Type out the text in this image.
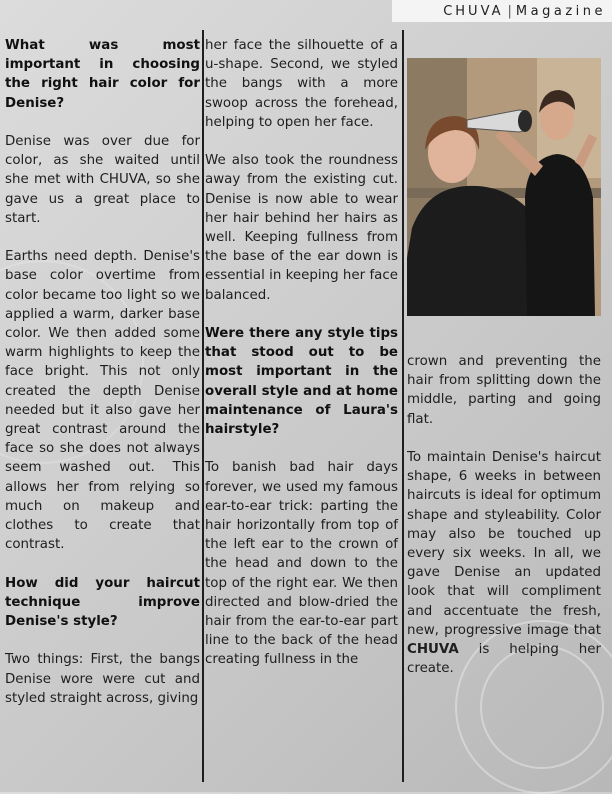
CHUVA | Magazine

What was most important in choosing the right hair color for Denise?

Denise was over due for color, as she waited until she met with CHUVA, so she gave us a great place to start.

Earths need depth. Denise's base color overtime from color became too light so we applied a warm, darker base color. We then added some warm highlights to keep the face bright. This not only created the depth Denise needed but it also gave her great contrast around the face so she does not always seem washed out. This allows her from relying so much on makeup and clothes to create that contrast.

How did your haircut technique improve Denise's style?

Two things: First, the bangs Denise wore were cut and styled straight across, giving

her face the silhouette of a u-shape. Second, we styled the bangs with a more swoop across the forehead, helping to open her face.

We also took the roundness away from the existing cut. Denise is now able to wear her hair behind her hairs as well. Keeping fullness from the base of the ear down is essential in keeping her face balanced.

Were there any style tips that stood out to be most important in the overall style and at home maintenance of Laura's hairstyle?

To banish bad hair days forever, we used my famous ear-to-ear trick: parting the hair horizontally from top of the left ear to the crown of the head and down to the top of the right ear. We then directed and blow-dried the hair from the ear-to-ear part line to the back of the head creating fullness in the

crown and preventing the hair from splitting down the middle, parting and going flat.

To maintain Denise's haircut shape, 6 weeks in between haircuts is ideal for optimum shape and styleability. Color may also be touched up every six weeks. In all, we gave Denise an updated look that will compliment and accentuate the fresh, new, progressive image that CHUVA is helping her create.
